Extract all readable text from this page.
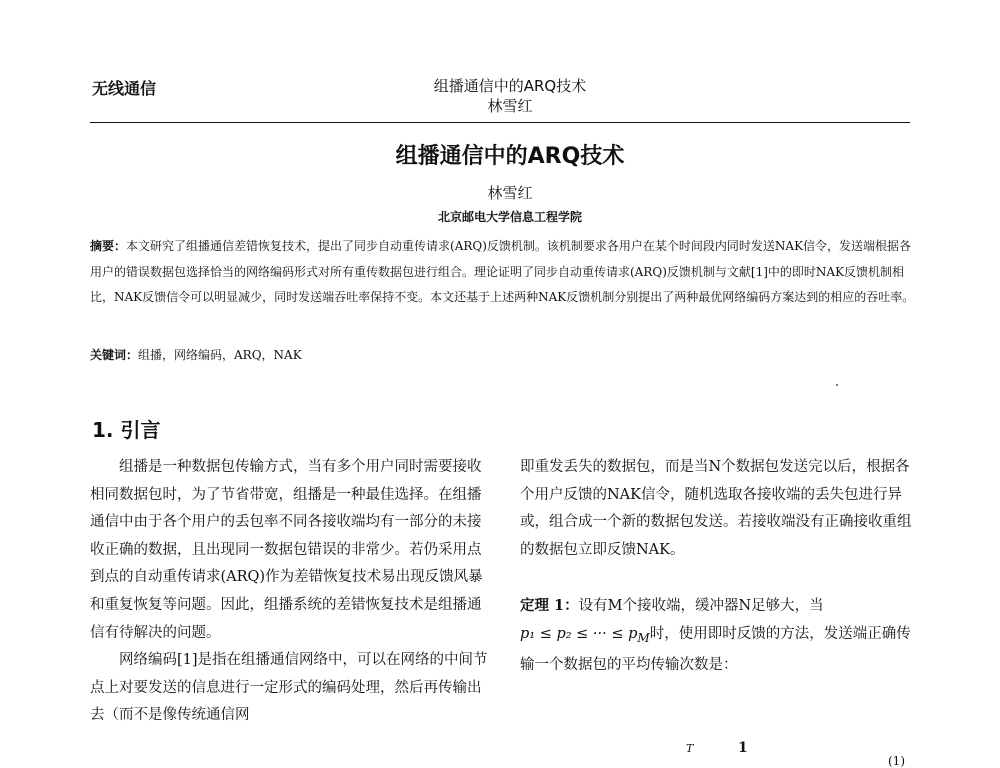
无线通信	组播通信中的ARQ技术
林雪红
组播通信中的ARQ技术
林雪红
北京邮电大学信息工程学院
摘要：本文研究了组播通信差错恢复技术，提出了同步自动重传请求(ARQ)反馈机制。该机制要求各用户在某个时间段内同时发送NAK信令，发送端根据各用户的错误数据包选择恰当的网络编码形式对所有重传数据包进行组合。理论证明了同步自动重传请求(ARQ)反馈机制与文献[1]中的即时NAK反馈机制相比，NAK反馈信令可以明显减少，同时发送端吞吐率保持不变。本文还基于上述两种NAK反馈机制分别提出了两种最优网络编码方案达到的相应的吞吐率。
关键词：组播，网络编码，ARQ，NAK
1. 引言

组播是一种数据包传输方式，当有多个用户同时需要接收相同数据包时，为了节省带宽，组播是一种最佳选择。在组播通信中由于各个用户的丢包率不同各接收端均有一部分的未接收正确的数据，且出现同一数据包错误的非常少。若仍采用点到点的自动重传请求(ARQ)作为差错恢复技术易出现反馈风暴和重复恢复等问题。因此，组播系统的差错恢复技术是组播通信有待解决的问题。

网络编码[1]是指在组播通信网络中，可以在网络的中间节点上对要发送的信息进行一定形式的编码处理，然后再传输出去（而不是像传统通信网

即重发丢失的数据包，而是当N个数据包发送完以后，根据各个用户反馈的NAK信令，随机选取各接收端的丢失包进行异或，组合成一个新的数据包发送。若接收端没有正确接收重组的数据包立即反馈NAK。

定理 1：设有M个接收端，缓冲器N足够大，当

p₁ ≤ p₂ ≤ ··· ≤ $p_M$时，使用即时反馈的方法，发送端正确传输一个数据包的平均传输次数是：

T	1
(1)
